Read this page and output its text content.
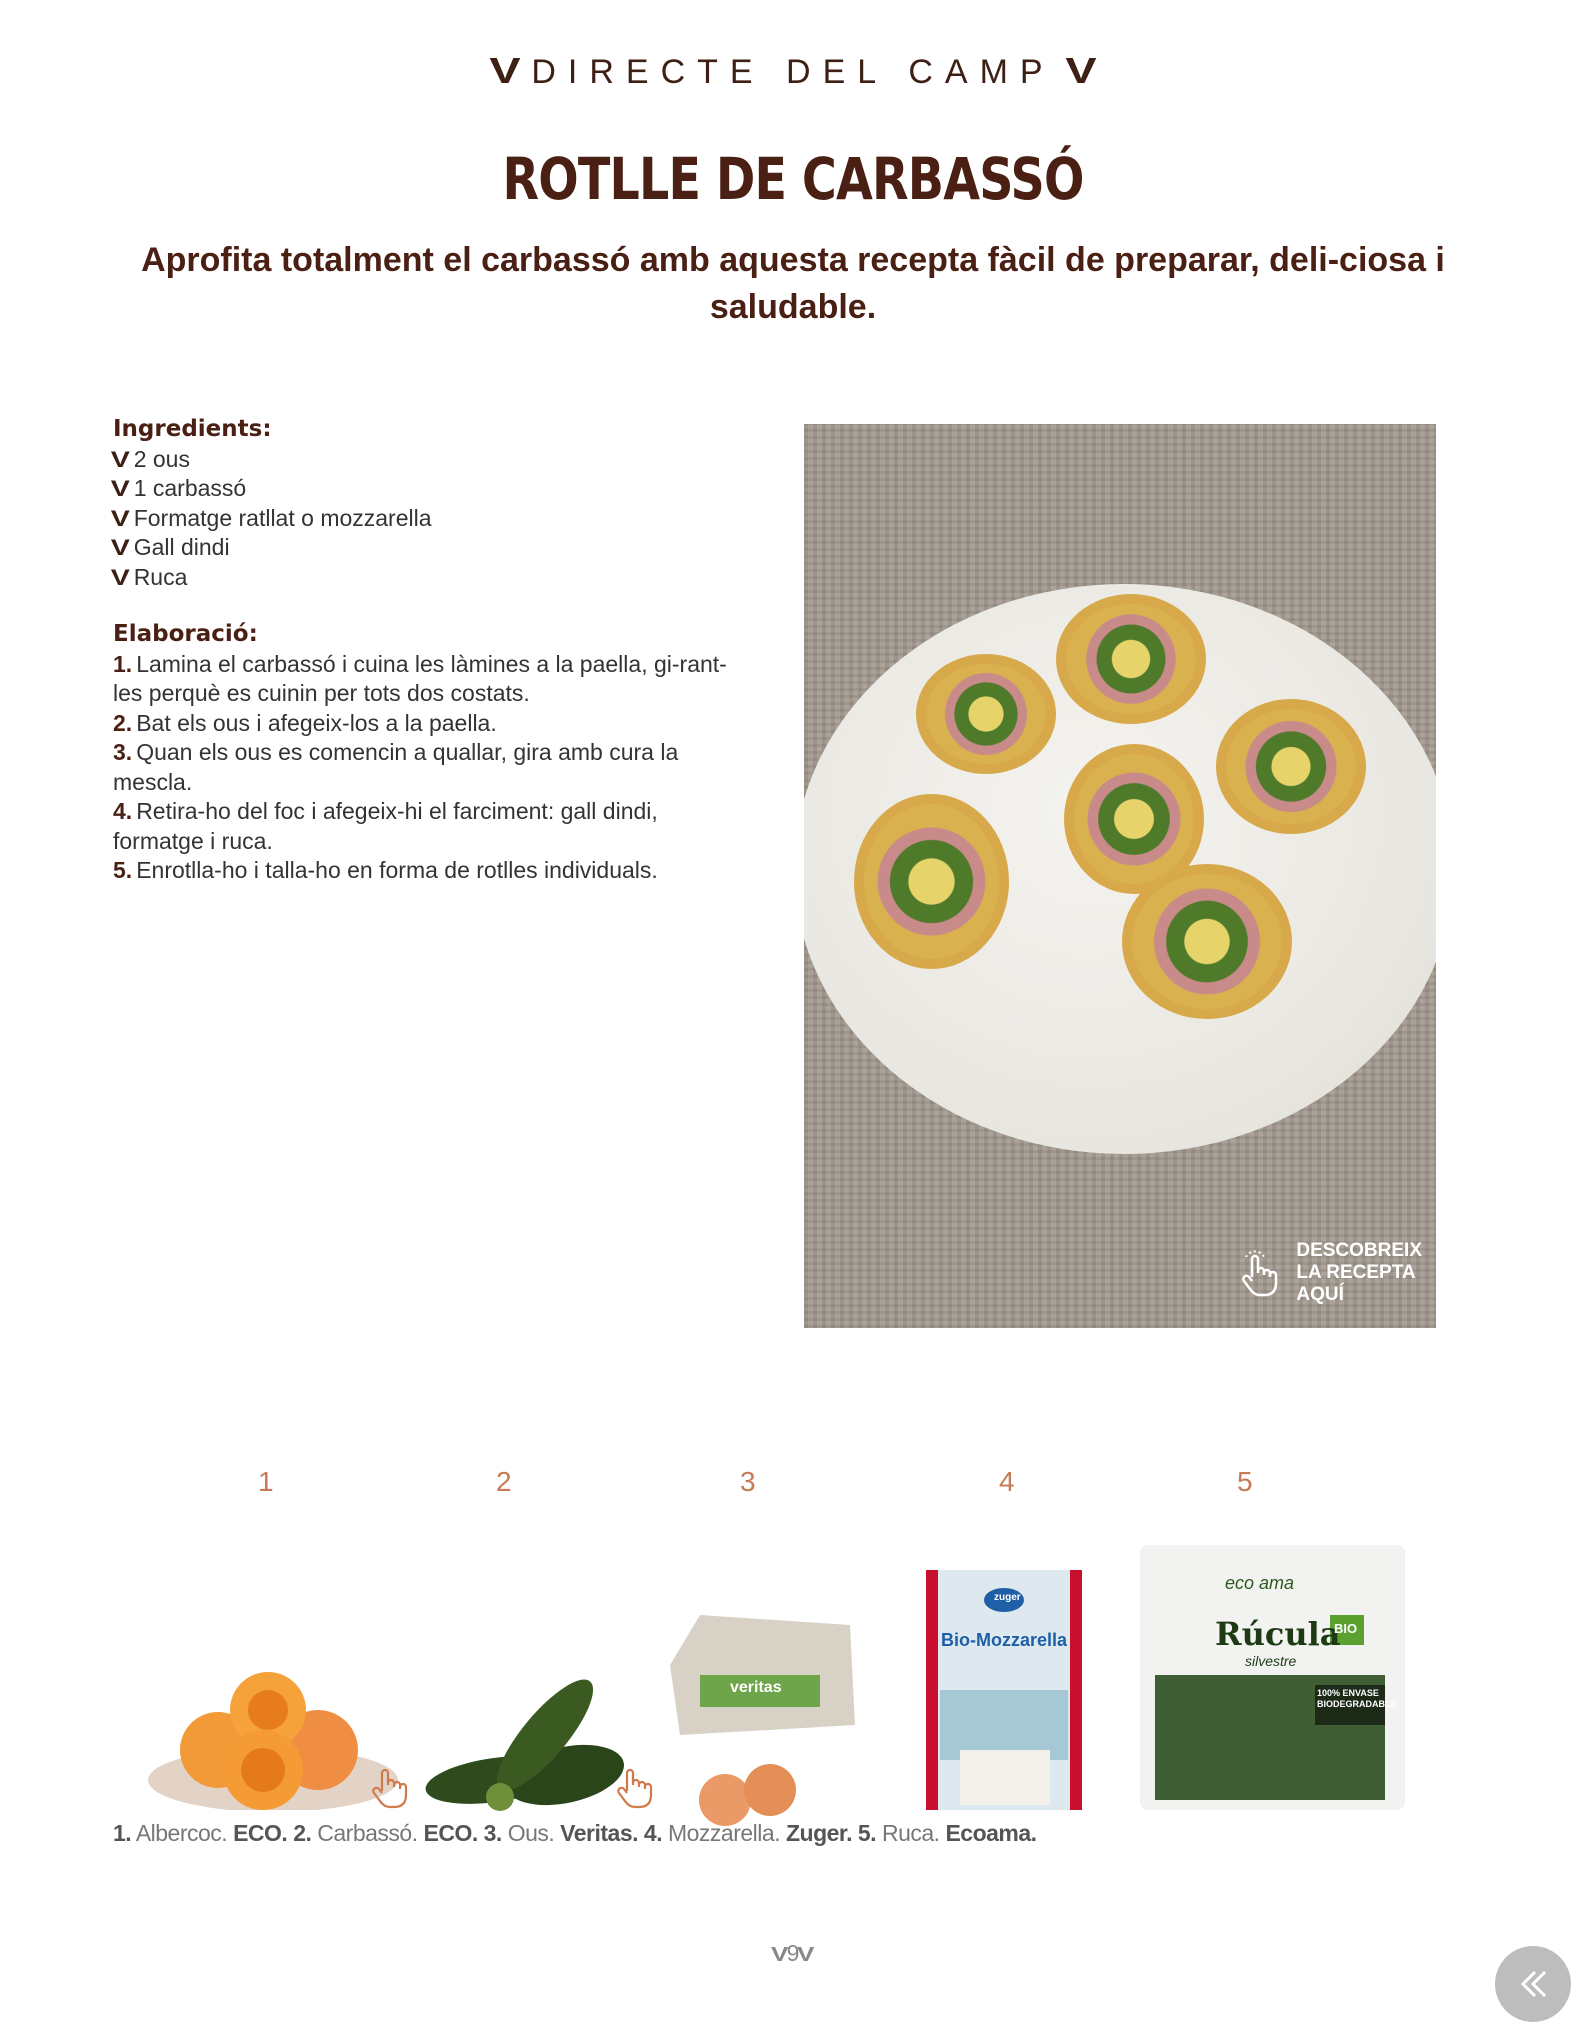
V DIRECTE DEL CAMP V
ROTLLE DE CARBASSÓ
Aprofita totalment el carbassó amb aquesta recepta fàcil de preparar, deli-ciosa i saludable.
Ingredients:
V 2 ous
V 1 carbassó
V Formatge ratllat o mozzarella
V Gall dindi
V Ruca
Elaboració:
1. Lamina el carbassó i cuina les làmines a la paella, gi-rant-les perquè es cuinin per tots dos costats.
2. Bat els ous i afegeix-los a la paella.
3. Quan els ous es comencin a quallar, gira amb cura la mescla.
4. Retira-ho del foc i afegeix-hi el farciment: gall dindi, formatge i ruca.
5. Enrotlla-ho i talla-ho en forma de rotlles individuals.
DESCOBREIX
LA RECEPTA
AQUÍ
1	2	3	4	5
veritas
zuger
Bio-Mozzarella
eco ama
Rúcula
silvestre
BIO
100% ENVASE BIODEGRADABLE
1. Albercoc. ECO. 2. Carbassó. ECO. 3. Ous. Veritas. 4. Mozzarella. Zuger. 5. Ruca. Ecoama.
V9V
